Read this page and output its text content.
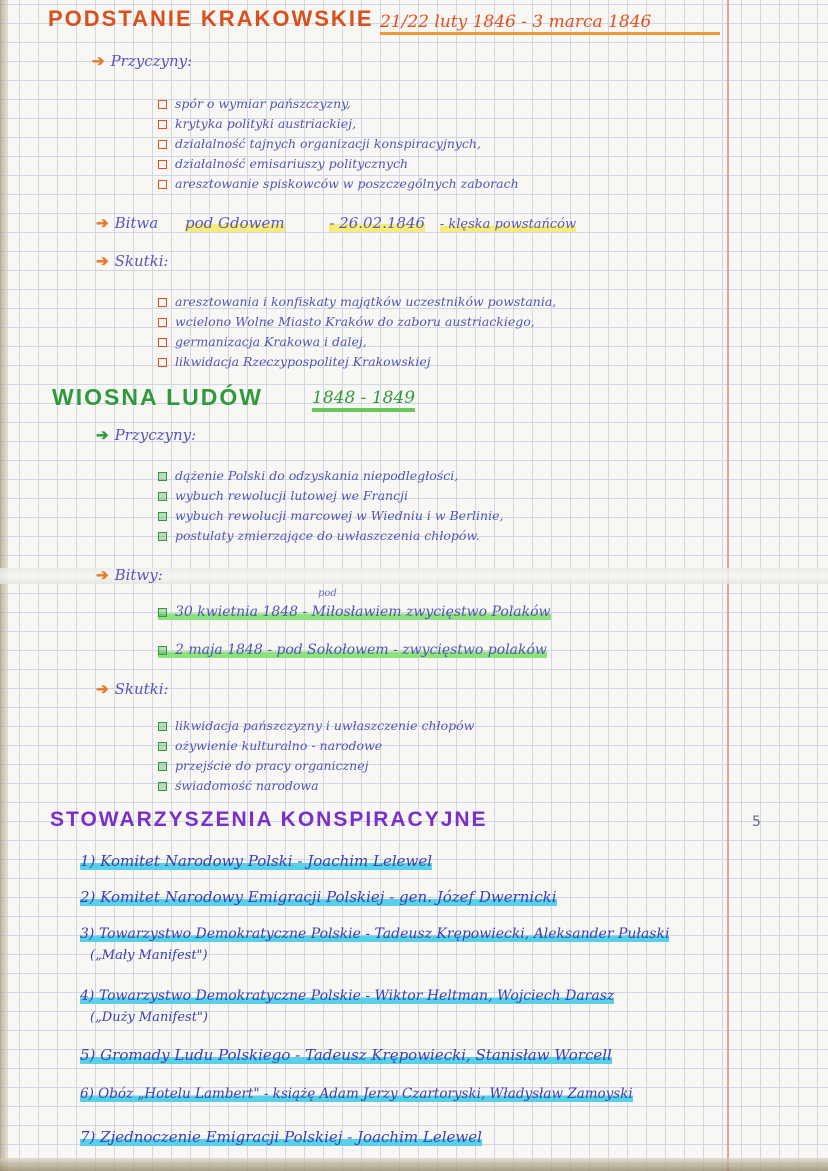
PODSTANIE KRAKOWSKIE 21/22 luty 1846 - 3 marca 1846
➔ Przyczyny:
spór o wymiar pańszczyzny,
krytyka polityki austriackiej,
działalność tajnych organizacji konspiracyjnych,
działalność emisariuszy politycznych
aresztowanie spiskowców w poszczególnych zaborach
➔ Bitwa pod Gdowem	- 26.02.1846 - klęska powstańców
➔ Skutki:
aresztowania i konfiskaty majątków uczestników powstania,
wcielono Wolne Miasto Kraków do zaboru austriackiego,
germanizacja Krakowa i dalej,
likwidacja Rzeczypospolitej Krakowskiej
WIOSNA LUDÓW	1848 - 1849
➔ Przyczyny:
dążenie Polski do odzyskania niepodległości,
wybuch rewolucji lutowej we Francji
wybuch rewolucji marcowej w Wiedniu i w Berlinie,
postulaty zmierzające do uwłaszczenia chłopów.
➔ Bitwy:
pod
30 kwietnia 1848 - Miłosławiem zwycięstwo Polaków
2 maja 1848 - pod Sokołowem - zwycięstwo polaków
➔ Skutki:
likwidacja pańszczyzny i uwłaszczenie chłopów
ożywienie kulturalno - narodowe
przejście do pracy organicznej
świadomość narodowa
STOWARZYSZENIA KONSPIRACYJNE	5
1) Komitet Narodowy Polski - Joachim Lelewel
2) Komitet Narodowy Emigracji Polskiej - gen. Józef Dwernicki
3) Towarzystwo Demokratyczne Polskie - Tadeusz Krępowiecki, Aleksander Pułaski
(„Mały Manifest")
4) Towarzystwo Demokratyczne Polskie - Wiktor Heltman, Wojciech Darasz
(„Duży Manifest")
5) Gromady Ludu Polskiego - Tadeusz Krępowiecki, Stanisław Worcell
6) Obóz „Hotelu Lambert" - książę Adam Jerzy Czartoryski, Władysław Zamoyski
7) Zjednoczenie Emigracji Polskiej - Joachim Lelewel
